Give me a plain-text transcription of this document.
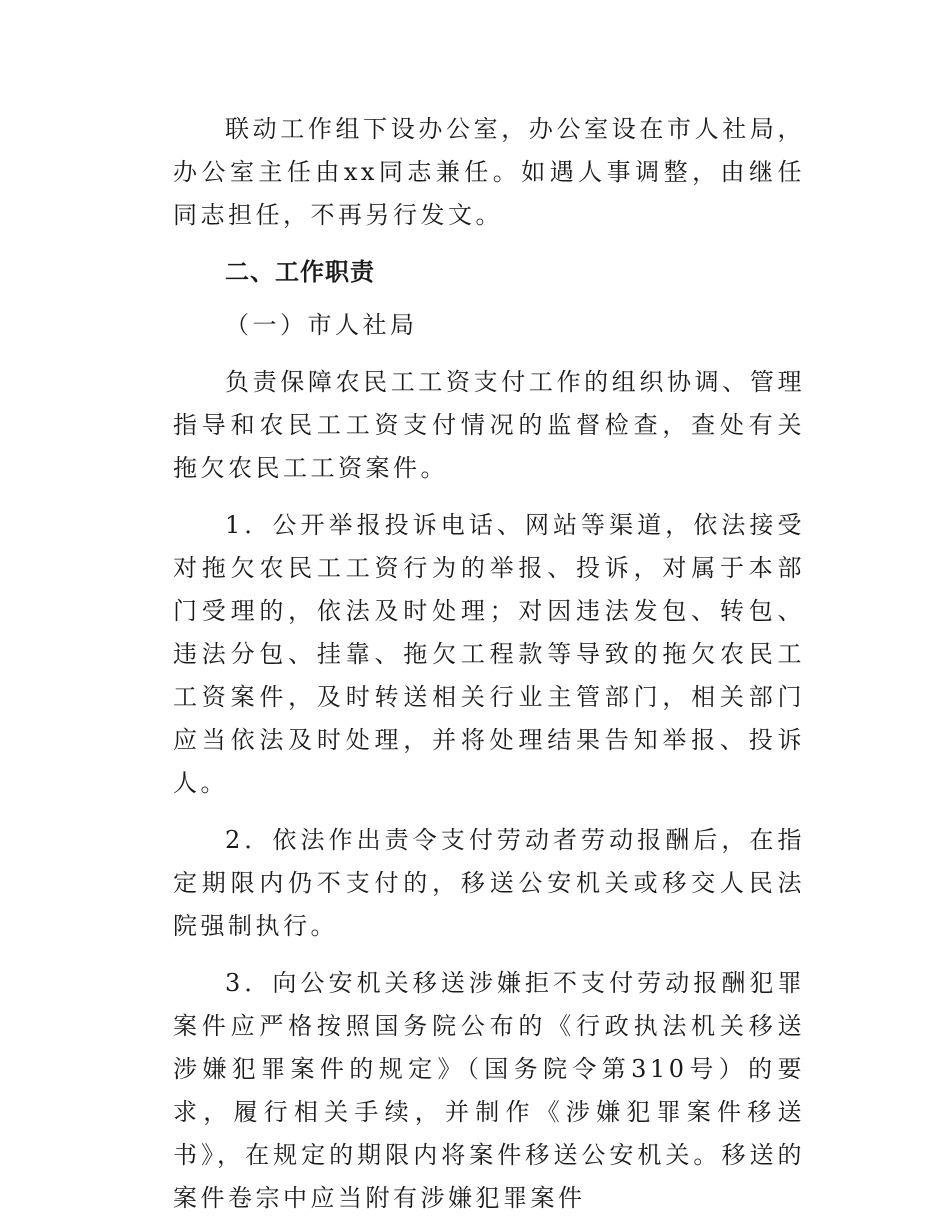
联动工作组下设办公室，办公室设在市人社局，办公室主任由xx同志兼任。如遇人事调整，由继任同志担任，不再另行发文。

二、工作职责

（一）市人社局

负责保障农民工工资支付工作的组织协调、管理指导和农民工工资支付情况的监督检查，查处有关拖欠农民工工资案件。

1．公开举报投诉电话、网站等渠道，依法接受对拖欠农民工工资行为的举报、投诉，对属于本部门受理的，依法及时处理；对因违法发包、转包、违法分包、挂靠、拖欠工程款等导致的拖欠农民工工资案件，及时转送相关行业主管部门，相关部门应当依法及时处理，并将处理结果告知举报、投诉人。

2．依法作出责令支付劳动者劳动报酬后，在指定期限内仍不支付的，移送公安机关或移交人民法院强制执行。

3．向公安机关移送涉嫌拒不支付劳动报酬犯罪案件应严格按照国务院公布的《行政执法机关移送涉嫌犯罪案件的规定》（国务院令第310号）的要求，履行相关手续，并制作《涉嫌犯罪案件移送书》，在规定的期限内将案件移送公安机关。移送的案件卷宗中应当附有涉嫌犯罪案件
